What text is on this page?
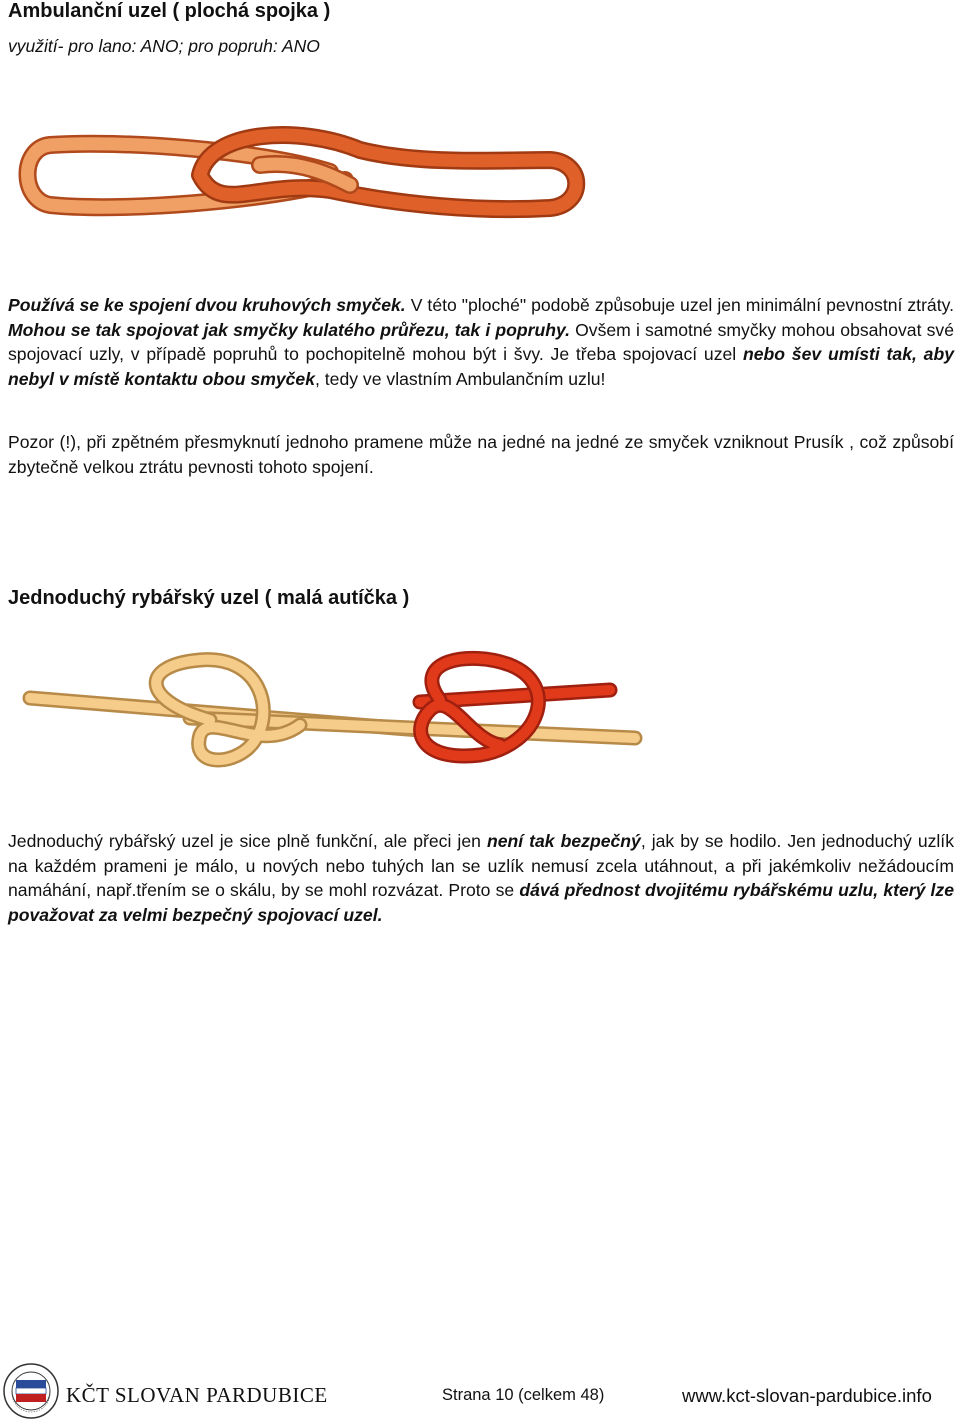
Ambulanční uzel ( plochá spojka )
využití- pro lano: ANO; pro popruh: ANO
Používá se ke spojení dvou kruhových smyček. V této "ploché" podobě způsobuje uzel jen minimální pevnostní ztráty. Mohou se tak spojovat jak smyčky kulatého průřezu, tak i popruhy. Ovšem i samotné smyčky mohou obsahovat své spojovací uzly, v případě popruhů to pochopitelně mohou být i švy. Je třeba spojovací uzel nebo šev umísti tak, aby nebyl v místě kontaktu obou smyček, tedy ve vlastním Ambulančním uzlu!
Pozor (!), při zpětném přesmyknutí jednoho pramene může na jedné na jedné ze smyček vzniknout Prusík , což způsobí zbytečně velkou ztrátu pevnosti tohoto spojení.
Jednoduchý rybářský uzel ( malá autíčka )
Jednoduchý rybářský uzel je sice plně funkční, ale přeci jen není tak bezpečný, jak by se hodilo. Jen jednoduchý uzlík na každém prameni je málo, u nových nebo tuhých lan se uzlík nemusí zcela utáhnout, a při jakémkoliv nežádoucím namáhání, např.třením se o skálu, by se mohl rozvázat. Proto se dává přednost dvojitému rybářskému uzlu, který lze považovat za velmi bezpečný spojovací uzel.
KČT SLOVAN PARDUBICE	Strana 10 (celkem 48)	www.kct-slovan-pardubice.info
